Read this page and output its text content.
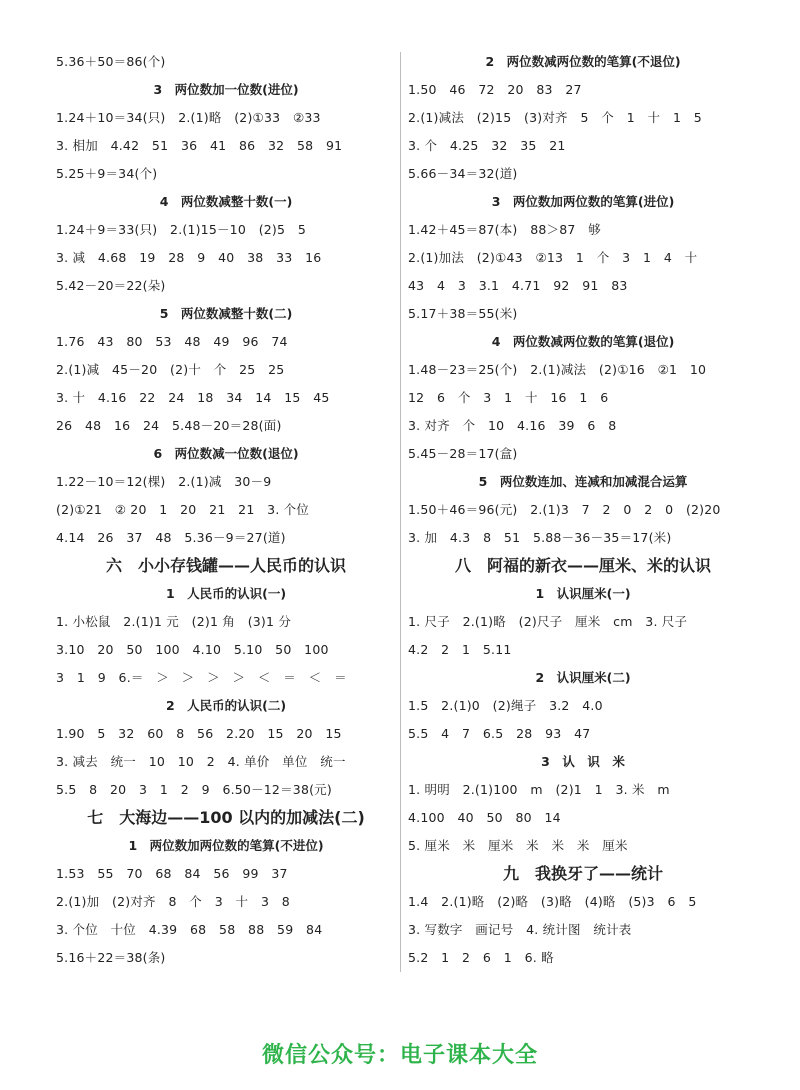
5.36＋50＝86(个)
3　两位数加一位数(进位)
1.24＋10＝34(只)　2.(1)略　(2)①33　②33
3. 相加　4.42　51　36　41　86　32　58　91
5.25＋9＝34(个)
4　两位数减整十数(一)
1.24＋9＝33(只)　2.(1)15－10　(2)5　5
3. 减　4.68　19　28　9　40　38　33　16
5.42－20＝22(朵)
5　两位数减整十数(二)
1.76　43　80　53　48　49　96　74
2.(1)减　45－20　(2)十　个　25　25
3. 十　4.16　22　24　18　34　14　15　45
26　48　16　24　5.48－20＝28(面)
6　两位数减一位数(退位)
1.22－10＝12(棵)　2.(1)减　30－9
(2)①21　② 20　1　20　21　21　3. 个位
4.14　26　37　48　5.36－9＝27(道)
六　小小存钱罐——人民币的认识
1　人民币的认识(一)
1. 小松鼠　2.(1)1 元　(2)1 角　(3)1 分
3.10　20　50　100　4.10　5.10　50　100
3　1　9　6.＝　＞　＞　＞　＞　＜　＝　＜　＝
2　人民币的认识(二)
1.90　5　32　60　8　56　2.20　15　20　15
3. 减去　统一　10　10　2　4. 单价　单位　统一
5.5　8　20　3　1　2　9　6.50－12＝38(元)
七　大海边——100 以内的加减法(二)
1　两位数加两位数的笔算(不进位)
1.53　55　70　68　84　56　99　37
2.(1)加　(2)对齐　8　个　3　十　3　8
3. 个位　十位　4.39　68　58　88　59　84
5.16＋22＝38(条)
2　两位数减两位数的笔算(不退位)
1.50　46　72　20　83　27
2.(1)减法　(2)15　(3)对齐　5　个　1　十　1　5
3. 个　4.25　32　35　21
5.66－34＝32(道)
3　两位数加两位数的笔算(进位)
1.42＋45＝87(本)　88＞87　够
2.(1)加法　(2)①43　②13　1　个　3　1　4　十
43　4　3　3.1　4.71　92　91　83
5.17＋38＝55(米)
4　两位数减两位数的笔算(退位)
1.48－23＝25(个)　2.(1)减法　(2)①16　②1　10
12　6　个　3　1　十　16　1　6
3. 对齐　个　10　4.16　39　6　8
5.45－28＝17(盒)
5　两位数连加、连减和加减混合运算
1.50＋46＝96(元)　2.(1)3　7　2　0　2　0　(2)20
3. 加　4.3　8　51　5.88－36－35＝17(米)
八　阿福的新衣——厘米、米的认识
1　认识厘米(一)
1. 尺子　2.(1)略　(2)尺子　厘米　cm　3. 尺子
4.2　2　1　5.11
2　认识厘米(二)
1.5　2.(1)0　(2)绳子　3.2　4.0
5.5　4　7　6.5　28　93　47
3　认　识　米
1. 明明　2.(1)100　m　(2)1　1　3. 米　m
4.100　40　50　80　14
5. 厘米　米　厘米　米　米　米　厘米
九　我换牙了——统计
1.4　2.(1)略　(2)略　(3)略　(4)略　(5)3　6　5
3. 写数字　画记号　4. 统计图　统计表
5.2　1　2　6　1　6. 略
微信公众号：电子课本大全
